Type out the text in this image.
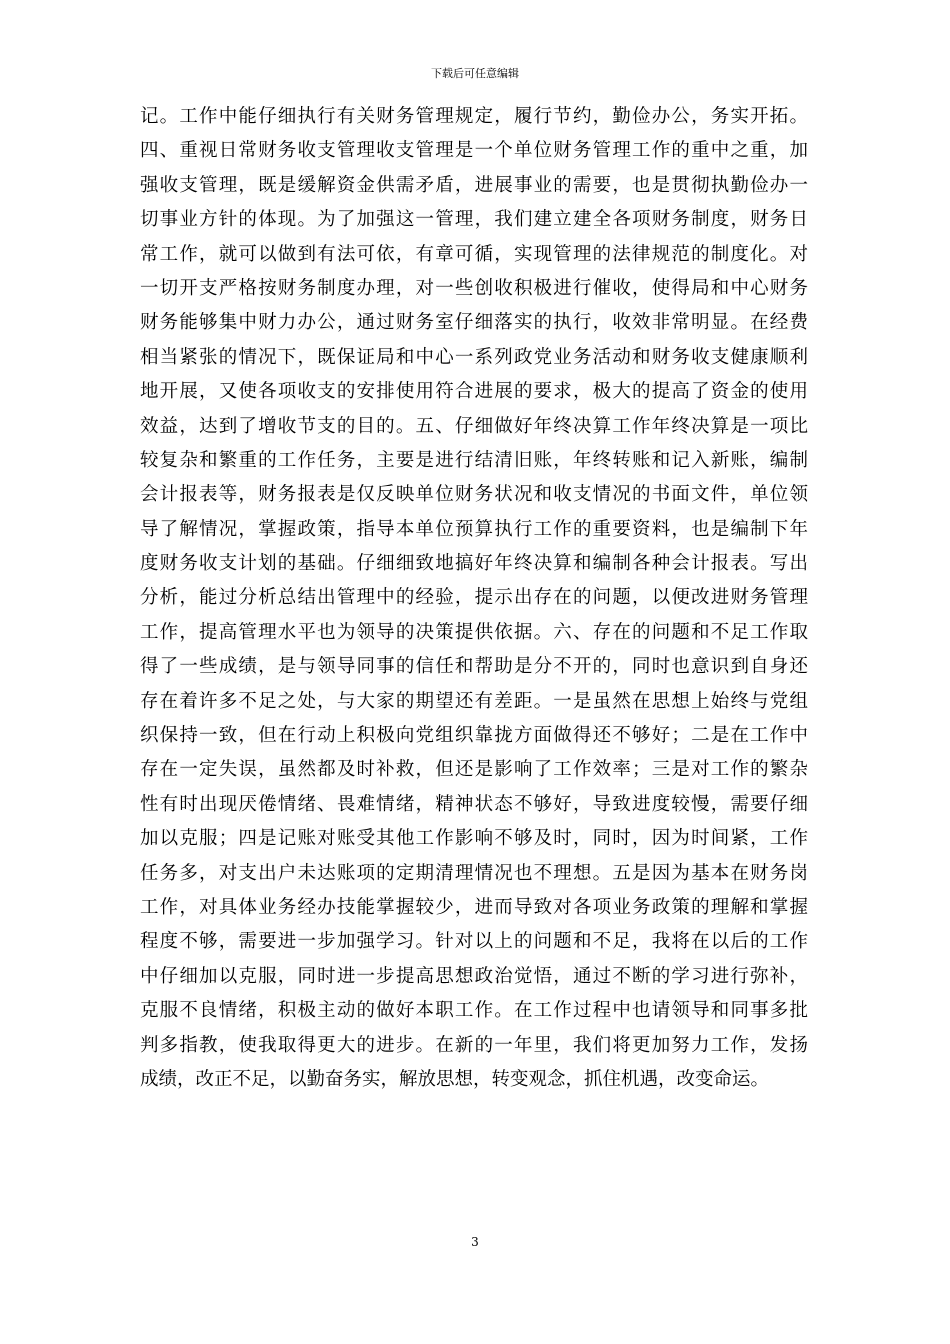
下载后可任意编辑
记。工作中能仔细执行有关财务管理规定，履行节约，勤俭办公，务实开拓。
四、重视日常财务收支管理收支管理是一个单位财务管理工作的重中之重，加
强收支管理，既是缓解资金供需矛盾，进展事业的需要，也是贯彻执勤俭办一
切事业方针的体现。为了加强这一管理，我们建立建全各项财务制度，财务日
常工作，就可以做到有法可依，有章可循，实现管理的法律规范的制度化。对
一切开支严格按财务制度办理，对一些创收积极进行催收，使得局和中心财务
财务能够集中财力办公，通过财务室仔细落实的执行，收效非常明显。在经费
相当紧张的情况下，既保证局和中心一系列政党业务活动和财务收支健康顺利
地开展，又使各项收支的安排使用符合进展的要求，极大的提高了资金的使用
效益，达到了增收节支的目的。五、仔细做好年终决算工作年终决算是一项比
较复杂和繁重的工作任务，主要是进行结清旧账，年终转账和记入新账，编制
会计报表等，财务报表是仅反映单位财务状况和收支情况的书面文件，单位领
导了解情况，掌握政策，指导本单位预算执行工作的重要资料，也是编制下年
度财务收支计划的基础。仔细细致地搞好年终决算和编制各种会计报表。写出
分析，能过分析总结出管理中的经验，提示出存在的问题，以便改进财务管理
工作，提高管理水平也为领导的决策提供依据。六、存在的问题和不足工作取
得了一些成绩，是与领导同事的信任和帮助是分不开的，同时也意识到自身还
存在着许多不足之处，与大家的期望还有差距。一是虽然在思想上始终与党组
织保持一致，但在行动上积极向党组织靠拢方面做得还不够好；二是在工作中
存在一定失误，虽然都及时补救，但还是影响了工作效率；三是对工作的繁杂
性有时出现厌倦情绪、畏难情绪，精神状态不够好，导致进度较慢，需要仔细
加以克服；四是记账对账受其他工作影响不够及时，同时，因为时间紧，工作
任务多，对支出户未达账项的定期清理情况也不理想。五是因为基本在财务岗
工作，对具体业务经办技能掌握较少，进而导致对各项业务政策的理解和掌握
程度不够，需要进一步加强学习。针对以上的问题和不足，我将在以后的工作
中仔细加以克服，同时进一步提高思想政治觉悟，通过不断的学习进行弥补，
克服不良情绪，积极主动的做好本职工作。在工作过程中也请领导和同事多批
判多指教，使我取得更大的进步。在新的一年里，我们将更加努力工作，发扬
成绩，改正不足，以勤奋务实，解放思想，转变观念，抓住机遇，改变命运。
3
